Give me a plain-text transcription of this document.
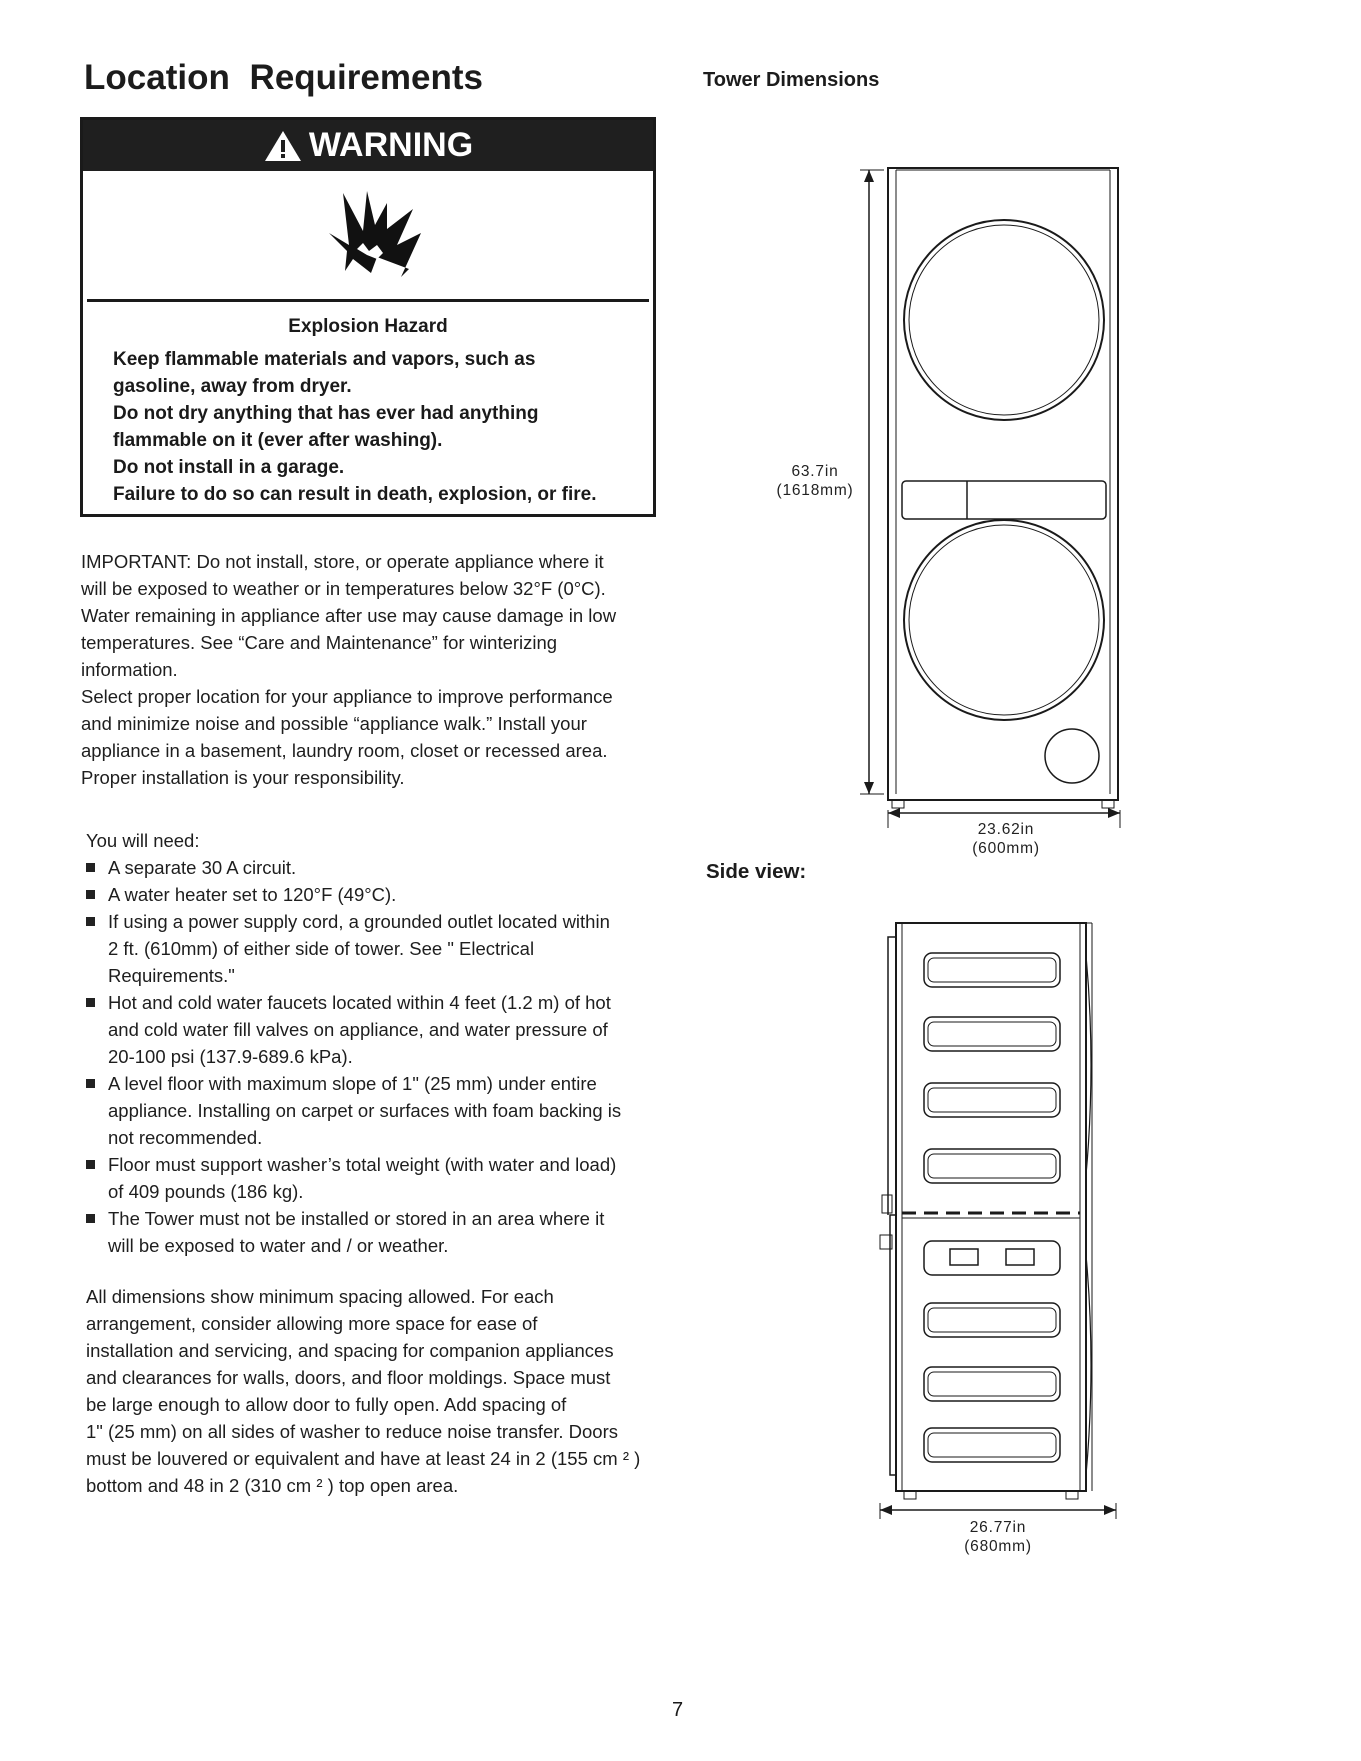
Location Requirements
WARNING
Explosion Hazard
Keep flammable materials and vapors, such as
gasoline, away from dryer.
Do not dry anything that has ever had anything
flammable on it (ever after washing).
Do not install in a garage.
Failure to do so can result in death, explosion, or fire.
IMPORTANT: Do not install, store, or operate appliance where it
will be exposed to weather or in temperatures below 32°F (0°C).
Water remaining in appliance after use may cause damage in low
temperatures. See “Care and Maintenance” for winterizing
information.
Select proper location for your appliance to improve performance
and minimize noise and possible “appliance walk.” Install your
appliance in a basement, laundry room, closet or recessed area.
Proper installation is your responsibility.
You will need:
A separate 30 A circuit.
A water heater set to 120°F (49°C).
If using a power supply cord, a grounded outlet located within
2 ft. (610mm) of either side of tower. See " Electrical
Requirements."
Hot and cold water faucets located within 4 feet (1.2 m) of hot
and cold water fill valves on appliance, and water pressure of
20-100 psi (137.9-689.6 kPa).
A level floor with maximum slope of 1" (25 mm) under entire
appliance. Installing on carpet or surfaces with foam backing is
not recommended.
Floor must support washer’s total weight (with water and load)
of 409 pounds (186 kg).
The Tower must not be installed or stored in an area where it
will be exposed to water and / or weather.
All dimensions show minimum spacing allowed. For each
arrangement, consider allowing more space for ease of
installation and servicing, and spacing for companion appliances
and clearances for walls, doors, and floor moldings. Space must
be large enough to allow door to fully open. Add spacing of
1" (25 mm) on all sides of washer to reduce noise transfer. Doors
must be louvered or equivalent and have at least 24 in 2 (155 cm ² )
bottom and 48 in 2 (310 cm ² ) top open area.
Tower Dimensions
63.7in
(1618mm)
23.62in
(600mm)
Side view:
26.77in
(680mm)
7
